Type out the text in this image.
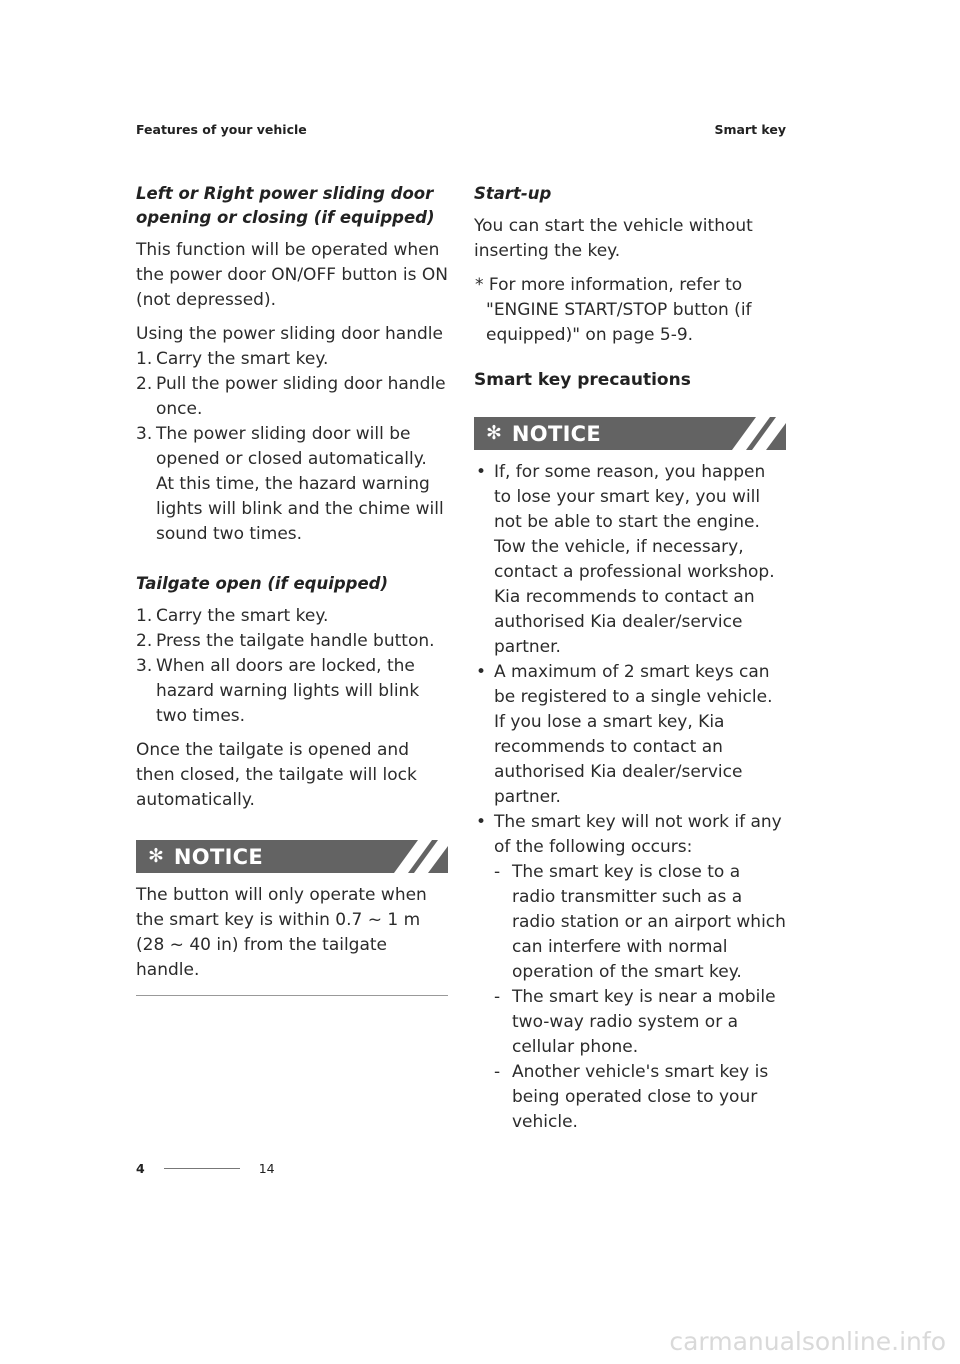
Features of your vehicle	Smart key
Left or Right power sliding door opening or closing (if equipped)
This function will be operated when the power door ON/OFF button is ON (not depressed).
Using the power sliding door handle
1. Carry the smart key.
2. Pull the power sliding door handle once.
3. The power sliding door will be opened or closed automatically. At this time, the hazard warning lights will blink and the chime will sound two times.
Tailgate open (if equipped)
1. Carry the smart key.
2. Press the tailgate handle button.
3. When all doors are locked, the hazard warning lights will blink two times.
Once the tailgate is opened and then closed, the tailgate will lock automatically.
✻ NOTICE
The button will only operate when the smart key is within 0.7 ~ 1 m (28 ~ 40 in) from the tailgate handle.
Start-up
You can start the vehicle without inserting the key.
* For more information, refer to "ENGINE START/STOP button (if equipped)" on page 5-9.
Smart key precautions
✻ NOTICE
• If, for some reason, you happen to lose your smart key, you will not be able to start the engine. Tow the vehicle, if necessary, contact a professional workshop. Kia recommends to contact an authorised Kia dealer/service partner.
• A maximum of 2 smart keys can be registered to a single vehicle. If you lose a smart key, Kia recommends to contact an authorised Kia dealer/service partner.
• The smart key will not work if any of the following occurs:
- The smart key is close to a radio transmitter such as a radio station or an airport which can interfere with normal operation of the smart key.
- The smart key is near a mobile two-way radio system or a cellular phone.
- Another vehicle's smart key is being operated close to your vehicle.
4	14
carmanualsonline.info
